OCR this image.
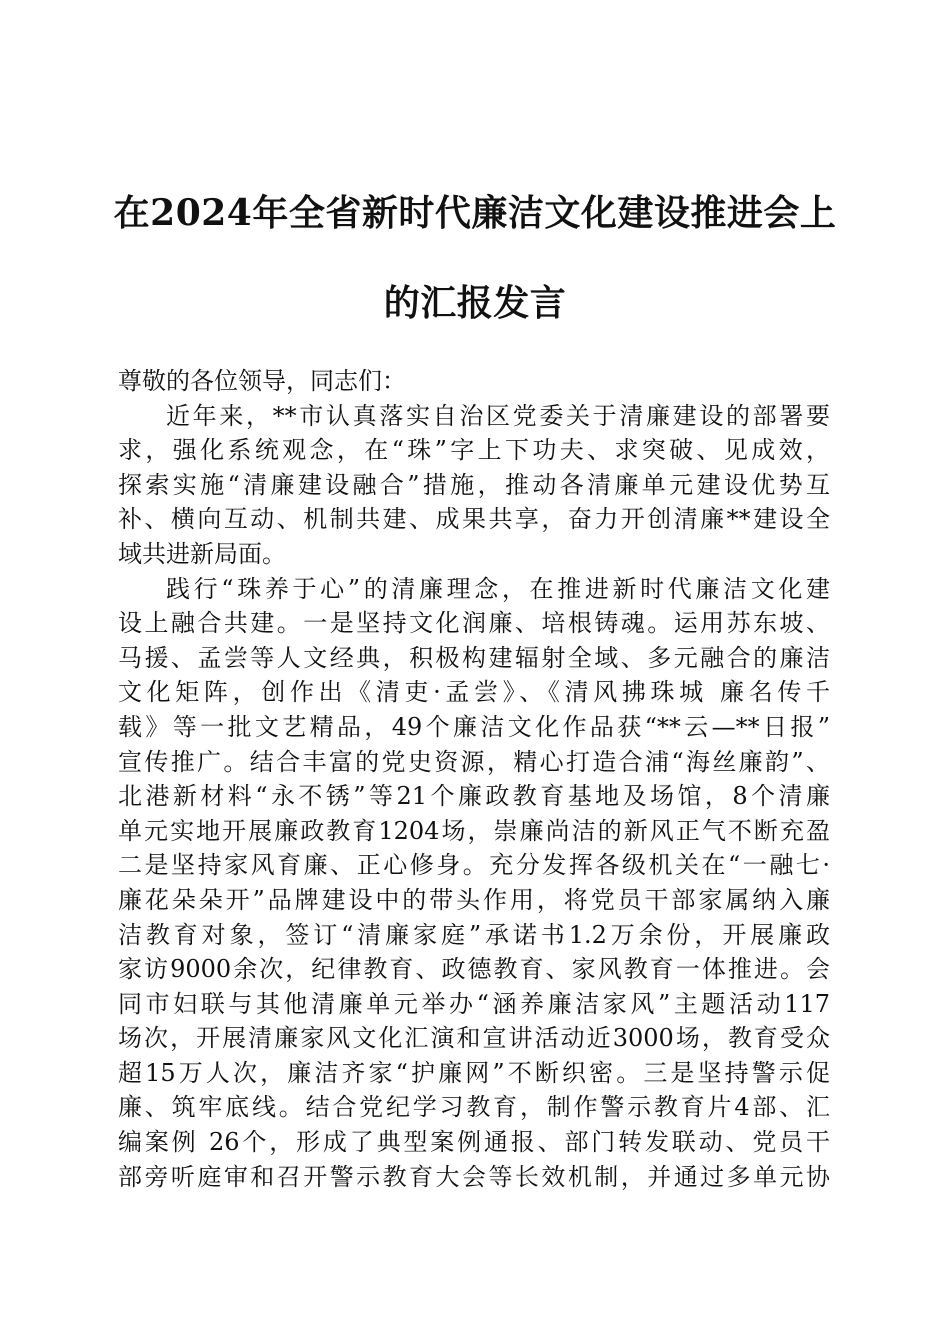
在2024年全省新时代廉洁文化建设推进会上
的汇报发言
尊敬的各位领导，同志们：
近年来，**市认真落实自治区党委关于清廉建设的部署要
求，强化系统观念，在“珠”字上下功夫、求突破、见成效，
探索实施“清廉建设融合”措施，推动各清廉单元建设优势互
补、横向互动、机制共建、成果共享，奋力开创清廉**建设全
域共进新局面。
践行“珠养于心”的清廉理念，在推进新时代廉洁文化建
设上融合共建。一是坚持文化润廉、培根铸魂。运用苏东坡、
马援、孟尝等人文经典，积极构建辐射全域、多元融合的廉洁
文化矩阵，创作出《清吏·孟尝》、《清风拂珠城 廉名传千
载》等一批文艺精品，49个廉洁文化作品获“**云—**日报”
宣传推广。结合丰富的党史资源，精心打造合浦“海丝廉韵”、
北港新材料“永不锈”等21个廉政教育基地及场馆，8个清廉
单元实地开展廉政教育1204场，崇廉尚洁的新风正气不断充盈
二是坚持家风育廉、正心修身。充分发挥各级机关在“一融七·
廉花朵朵开”品牌建设中的带头作用，将党员干部家属纳入廉
洁教育对象，签订“清廉家庭”承诺书1.2万余份，开展廉政
家访9000余次，纪律教育、政德教育、家风教育一体推进。会
同市妇联与其他清廉单元举办“涵养廉洁家风”主题活动117
场次，开展清廉家风文化汇演和宣讲活动近3000场，教育受众
超15万人次，廉洁齐家“护廉网”不断织密。三是坚持警示促
廉、筑牢底线。结合党纪学习教育，制作警示教育片4部、汇
编案例 26个，形成了典型案例通报、部门转发联动、党员干
部旁听庭审和召开警示教育大会等长效机制，并通过多单元协
